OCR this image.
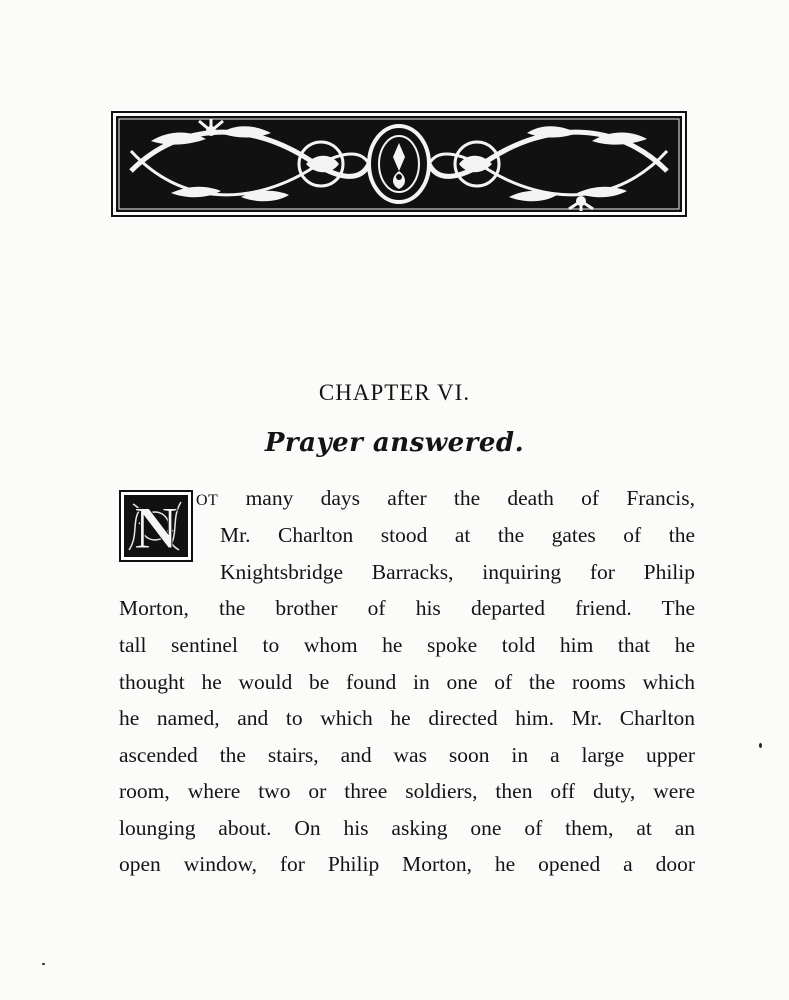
CHAPTER VI.
Prayer answered.
N OT many days after the death of Francis,
Mr. Charlton stood at the gates of the
Knightsbridge Barracks, inquiring for Philip
Morton, the brother of his departed friend. The
tall sentinel to whom he spoke told him that he
thought he would be found in one of the rooms which
he named, and to which he directed him. Mr. Charlton
ascended the stairs, and was soon in a large upper
room, where two or three soldiers, then off duty, were
lounging about. On his asking one of them, at an
open window, for Philip Morton, he opened a door
